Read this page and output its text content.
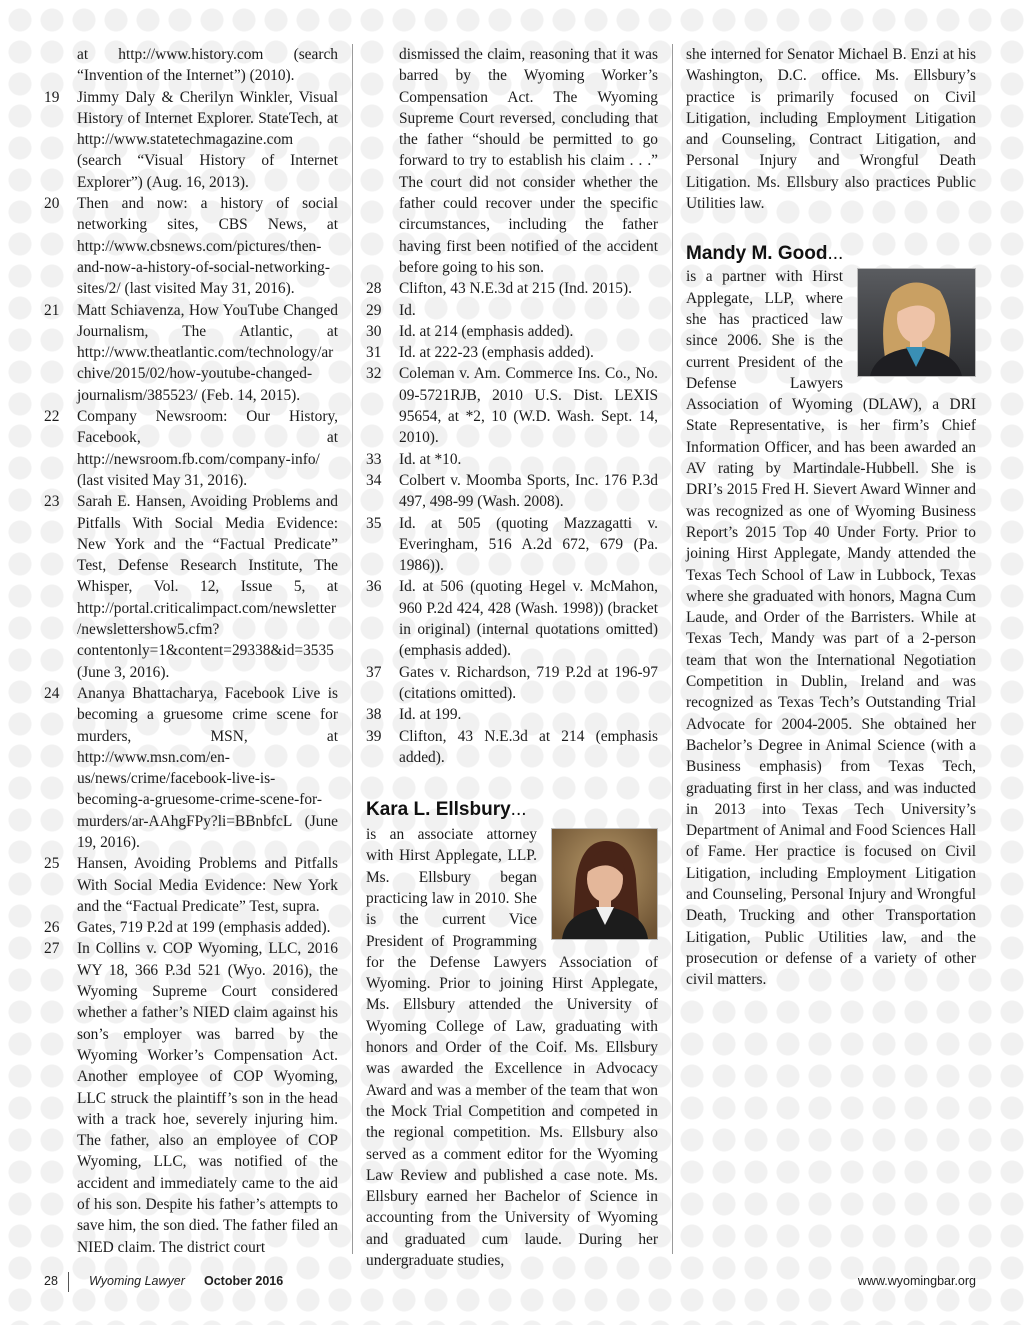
at http://www.history.com (search “Invention of the Internet”) (2010).
19	Jimmy Daly & Cherilyn Winkler, Visual History of Internet Explorer. StateTech, at http://www.statetechmagazine.com (search “Visual History of Internet Explorer”) (Aug. 16, 2013).
20	Then and now: a history of social networking sites, CBS News, at http://www.cbsnews.com/pictures/then-and-now-a-history-of-social-networking-sites/2/ (last visited May 31, 2016).
21	Matt Schiavenza, How YouTube Changed Journalism, The Atlantic, at http://www.theatlantic.com/technology/archive/2015/02/how-youtube-changed-journalism/385523/ (Feb. 14, 2015).
22	Company Newsroom: Our History, Facebook, at http://newsroom.fb.com/company-info/ (last visited May 31, 2016).
23	Sarah E. Hansen, Avoiding Problems and Pitfalls With Social Media Evidence: New York and the “Factual Predicate” Test, Defense Research Institute, The Whisper, Vol. 12, Issue 5, at http://portal.criticalimpact.com/newsletter/newslettershow5.cfm?contentonly=1&content=29338&id=3535 (June 3, 2016).
24	Ananya Bhattacharya, Facebook Live is becoming a gruesome crime scene for murders, MSN, at http://www.msn.com/en-us/news/crime/facebook-live-is-becoming-a-gruesome-crime-scene-for-murders/ar-AAhgFPy?li=BBnbfcL (June 19, 2016).
25	Hansen, Avoiding Problems and Pitfalls With Social Media Evidence: New York and the “Factual Predicate” Test, supra.
26	Gates, 719 P.2d at 199 (emphasis added).
27	In Collins v. COP Wyoming, LLC, 2016 WY 18, 366 P.3d 521 (Wyo. 2016), the Wyoming Supreme Court considered whether a father’s NIED claim against his son’s employer was barred by the Wyoming Worker’s Compensation Act. Another employee of COP Wyoming, LLC struck the plaintiff’s son in the head with a track hoe, severely injuring him. The father, also an employee of COP Wyoming, LLC, was notified of the accident and immediately came to the aid of his son. Despite his father’s attempts to save him, the son died. The father filed an NIED claim. The district court
dismissed the claim, reasoning that it was barred by the Wyoming Worker’s Compensation Act. The Wyoming Supreme Court reversed, concluding that the father “should be permitted to go forward to try to establish his claim . . .” The court did not consider whether the father could recover under the specific circumstances, including the father having first been notified of the accident before going to his son.
28	Clifton, 43 N.E.3d at 215 (Ind. 2015).
29	Id.
30	Id. at 214 (emphasis added).
31	Id. at 222-23 (emphasis added).
32	Coleman v. Am. Commerce Ins. Co., No. 09-5721RJB, 2010 U.S. Dist. LEXIS 95654, at *2, 10 (W.D. Wash. Sept. 14, 2010).
33	Id. at *10.
34	Colbert v. Moomba Sports, Inc. 176 P.3d 497, 498-99 (Wash. 2008).
35	Id. at 505 (quoting Mazzagatti v. Everingham, 516 A.2d 672, 679 (Pa. 1986)).
36	Id. at 506 (quoting Hegel v. McMahon, 960 P.2d 424, 428 (Wash. 1998)) (bracket in original) (internal quotations omitted) (emphasis added).
37	Gates v. Richardson, 719 P.2d at 196-97 (citations omitted).
38	Id. at 199.
39	Clifton, 43 N.E.3d at 214 (emphasis added).
Kara L. Ellsbury...

is an associate attorney with Hirst Applegate, LLP. Ms. Ellsbury began practicing law in 2010. She is the current Vice President of Programming for the Defense Lawyers Association of Wyoming. Prior to joining Hirst Applegate, Ms. Ellsbury attended the University of Wyoming College of Law, graduating with honors and Order of the Coif. Ms. Ellsbury was awarded the Excellence in Advocacy Award and was a member of the team that won the Mock Trial Competition and competed in the regional competition. Ms. Ellsbury also served as a comment editor for the Wyoming Law Review and published a case note. Ms. Ellsbury earned her Bachelor of Science in accounting from the University of Wyoming and graduated cum laude. During her undergraduate studies,

she interned for Senator Michael B. Enzi at his Washington, D.C. office. Ms. Ellsbury’s practice is primarily focused on Civil Litigation, including Employment Litigation and Counseling, Contract Litigation, and Personal Injury and Wrongful Death Litigation. Ms. Ellsbury also practices Public Utilities law.

Mandy M. Good...

is a partner with Hirst Applegate, LLP, where she has practiced law since 2006. She is the current President of the Defense Lawyers Association of Wyoming (DLAW), a DRI State Representative, is her firm’s Chief Information Officer, and has been awarded an AV rating by Martindale-Hubbell. She is DRI’s 2015 Fred H. Sievert Award Winner and was recognized as one of Wyoming Business Report’s 2015 Top 40 Under Forty. Prior to joining Hirst Applegate, Mandy attended the Texas Tech School of Law in Lubbock, Texas where she graduated with honors, Magna Cum Laude, and Order of the Barristers. While at Texas Tech, Mandy was part of a 2-person team that won the International Negotiation Competition in Dublin, Ireland and was recognized as Texas Tech’s Outstanding Trial Advocate for 2004-2005. She obtained her Bachelor’s Degree in Animal Science (with a Business emphasis) from Texas Tech, graduating first in her class, and was inducted in 2013 into Texas Tech University’s Department of Animal and Food Sciences Hall of Fame. Her practice is focused on Civil Litigation, including Employment Litigation and Counseling, Personal Injury and Wrongful Death, Trucking and other Transportation Litigation, Public Utilities law, and the prosecution or defense of a variety of other civil matters.

28 Wyoming Lawyer October 2016	www.wyomingbar.org
